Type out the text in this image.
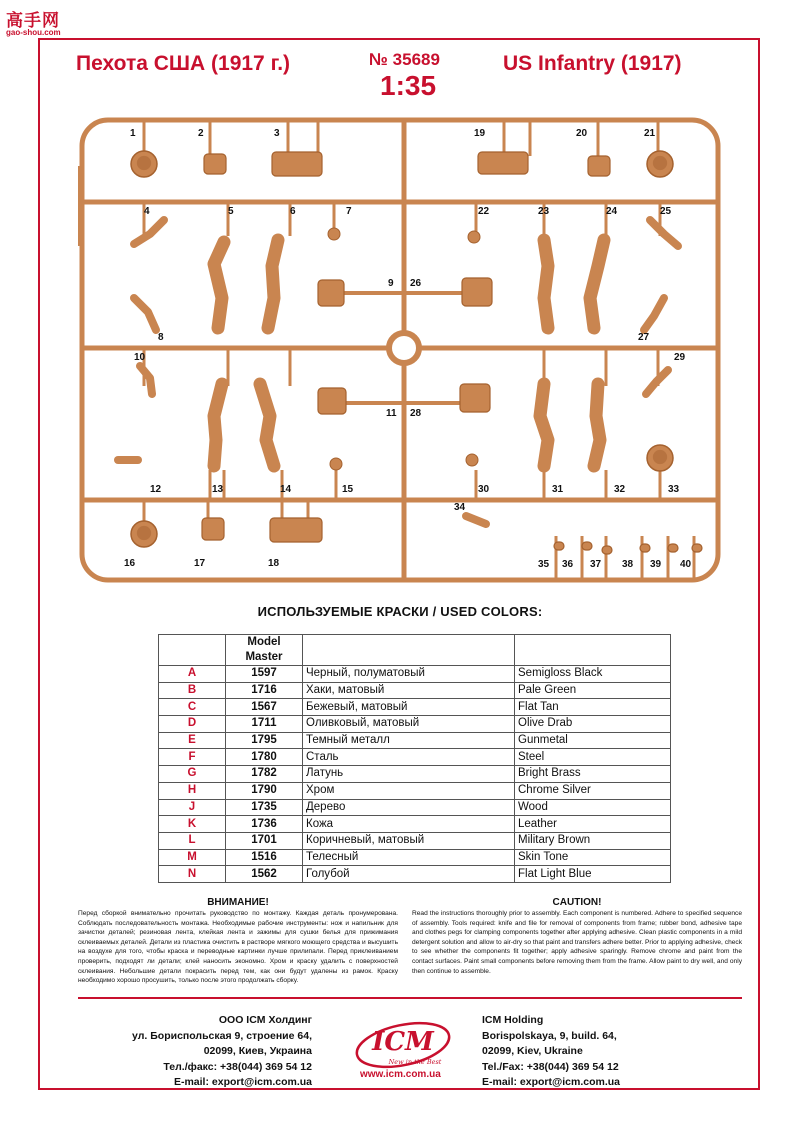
高手网
gao-shou.com
Пехота США (1917 г.)	№ 35689
1:35
US Infantry (1917)
1	2	3	19	20	21
4	5	6	7	22	23	24	25
9 26
8	27
10	29
11 28
12	13	14	15	30	31	32	33
34
16	17	18	35 36 37 38 39 40
ИСПОЛЬЗУЕМЫЕ КРАСКИ / USED COLORS:
	Model Master		
A	1597	Черный, полуматовый	Semigloss Black
B	1716	Хаки, матовый	Pale Green
C	1567	Бежевый, матовый	Flat Tan
D	1711	Оливковый, матовый	Olive Drab
E	1795	Темный металл	Gunmetal
F	1780	Сталь	Steel
G	1782	Латунь	Bright Brass
H	1790	Хром	Chrome Silver
J	1735	Дерево	Wood
K	1736	Кожа	Leather
L	1701	Коричневый, матовый	Military Brown
M	1516	Телесный	Skin Tone
N	1562	Голубой	Flat Light Blue
ВНИМАНИЕ!
Перед сборкой внимательно прочитать руководство по монтажу. Каждая деталь пронумерована. Соблюдать последовательность монтажа. Необходимые рабочие инструменты: нож и напильник для зачистки деталей; резиновая лента, клейкая лента и зажимы для сушки белья для прижимания склеиваемых деталей. Детали из пластика очистить в растворе мягкого моющего средства и высушить на воздухе для того, чтобы краска и переводные картинки лучше прилипали. Перед приклеиванием проверить, подходят ли детали; клей наносить экономно. Хром и краску удалить с поверхностей склеивания. Небольшие детали покрасить перед тем, как они будут удалены из рамок. Краску необходимо хорошо просушить, только после этого продолжать сборку.
CAUTION!
Read the instructions thoroughly prior to assembly. Each component is numbered. Adhere to specified sequence of assembly. Tools required: knife and file for removal of components from frame; rubber bond, adhesive tape and clothes pegs for clamping components together after applying adhesive. Clean plastic components in a mild detergent solution and allow to air-dry so that paint and transfers adhere better. Prior to applying adhesive, check to see whether the components fit together; apply adhesive sparingly. Remove chrome and paint from the contact surfaces. Paint small components before removing them from the frame. Allow paint to dry well, and only then continue to assemble.
ООО ICM Холдинг
ул. Бориспольская 9, строение 64,
02099, Киев, Украина
Тел./факс: +38(044) 369 54 12
E-mail: export@icm.com.ua
ICM
New in the Best
www.icm.com.ua
ICM Holding
Borispolskaya, 9, build. 64,
02099, Kiev, Ukraine
Tel./Fax: +38(044) 369 54 12
E-mail: export@icm.com.ua
